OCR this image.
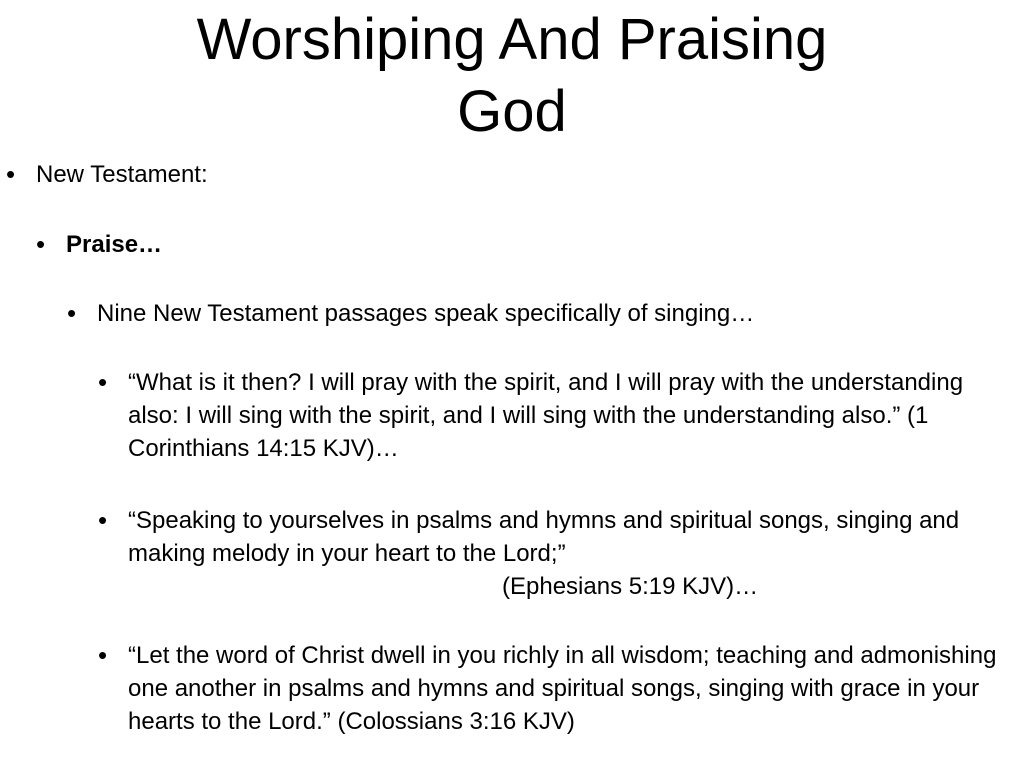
Worshiping And Praising
God
• New Testament:
• Praise…
• Nine New Testament passages speak specifically of singing…
• “What is it then? I will pray with the spirit, and I will pray with the understanding also: I will sing with the spirit, and I will sing with the understanding also.” (1 Corinthians 14:15 KJV)…
• “Speaking to yourselves in psalms and hymns and spiritual songs, singing and making melody in your heart to the Lord;”
(Ephesians 5:19 KJV)…
• “Let the word of Christ dwell in you richly in all wisdom; teaching and admonishing one another in psalms and hymns and spiritual songs, singing with grace in your hearts to the Lord.” (Colossians 3:16 KJV)
